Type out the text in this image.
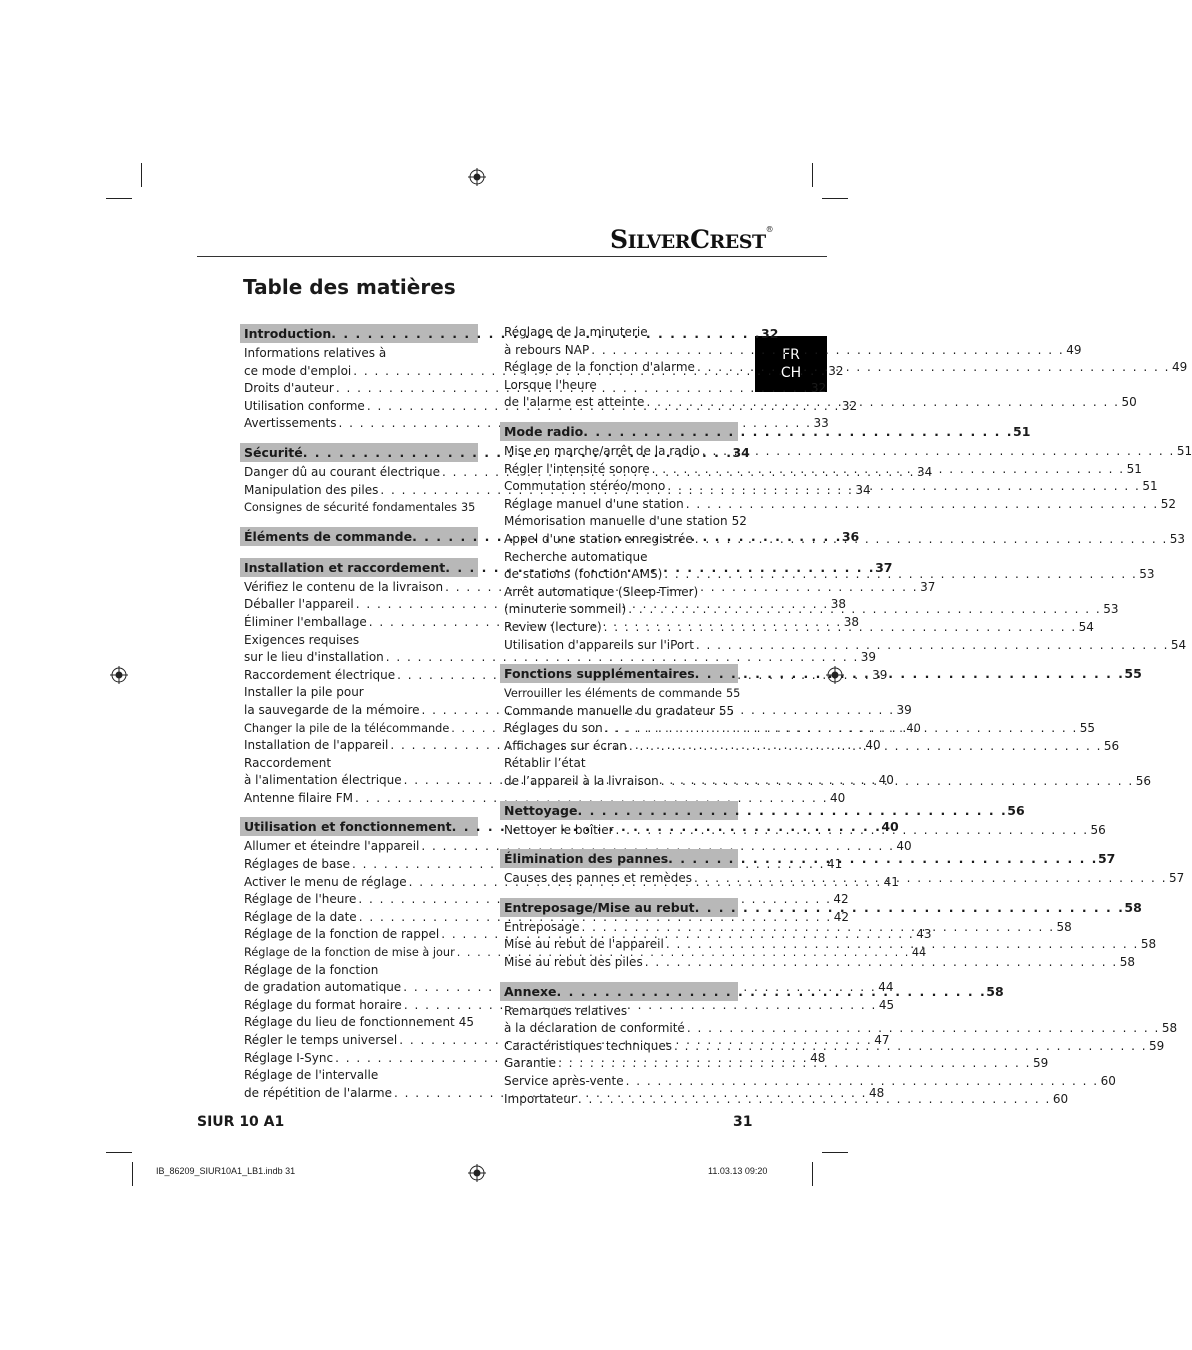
SILVERCREST®
Table des matières
FR
CH
Introduction . . .	32
Informations relatives à
ce mode d'emploi . . .	32
Droits d'auteur . . .	32
Utilisation conforme . . .	32
Avertissements . . .	33
Sécurité . . .	34
Danger dû au courant électrique . . .	34
Manipulation des piles . . .	34
Consignes de sécurité fondamentales . . . 35
Éléments de commande . . .	36
Installation et raccordement . . .	37
Vérifiez le contenu de la livraison . . .	37
Déballer l'appareil . . .	38
Éliminer l'emballage . . .	38
Exigences requises
sur le lieu d'installation . . .	39
Raccordement électrique . . .	39
Installer la pile pour
la sauvegarde de la mémoire . . .	39
Changer la pile de la télécommande . . .	40
Installation de l'appareil . . .	40
Raccordement
à l'alimentation électrique . . .	40
Antenne filaire FM . . .	40
Utilisation et fonctionnement . . .	40
Allumer et éteindre l'appareil . . .	40
Réglages de base . . .	41
Activer le menu de réglage . . .	41
Réglage de l'heure . . .	42
Réglage de la date . . .	42
Réglage de la fonction de rappel . . .	43
Réglage de la fonction de mise à jour . . .	44
Réglage de la fonction
de gradation automatique . . .	44
Réglage du format horaire . . .	45
Réglage du lieu de fonctionnement . . . 45
Régler le temps universel . . .	47
Réglage I-Sync . . .	48
Réglage de l'intervalle
de répétition de l'alarme . . .	48
Réglage de la minuterie
à rebours NAP . . .	49
Réglage de la fonction d'alarme . . .	49
Lorsque l'heure
de l'alarme est atteinte . . .	50
Mode radio . . .	51
Mise en marche/arrêt de la radio . . .	51
Régler l'intensité sonore . . .	51
Commutation stéréo/mono . . .	51
Réglage manuel d'une station . . .	52
Mémorisation manuelle d'une station . . . 52
Appel d'une station enregistrée . . .	53
Recherche automatique
de stations (fonction AMS) . . .	53
Arrêt automatique (Sleep-Timer)
(minuterie sommeil) . . .	53
Review (lecture) . . .	54
Utilisation d'appareils sur l'iPort . . .	54
Fonctions supplémentaires . . .	55
Verrouiller les éléments de commande . . . 55
Commande manuelle du gradateur . . . 55
Réglages du son . . .	55
Affichages sur écran . . .	56
Rétablir l’état
de l’appareil à la livraison . . .	56
Nettoyage . . .	56
Nettoyer le boîtier . . .	56
Élimination des pannes . . .	57
Causes des pannes et remèdes . . .	57
Entreposage/Mise au rebut . . .	58
Entreposage . . .	58
Mise au rebut de l'appareil . . .	58
Mise au rebut des piles . . .	58
Annexe . . .	58
Remarques relatives
à la déclaration de conformité . . .	58
Caractéristiques techniques . . .	59
Garantie . . .	59
Service après-vente . . .	60
Importateur . . .	60
SIUR 10 A1	31
IB_86209_SIUR10A1_LB1.indb 31	11.03.13 09:20
